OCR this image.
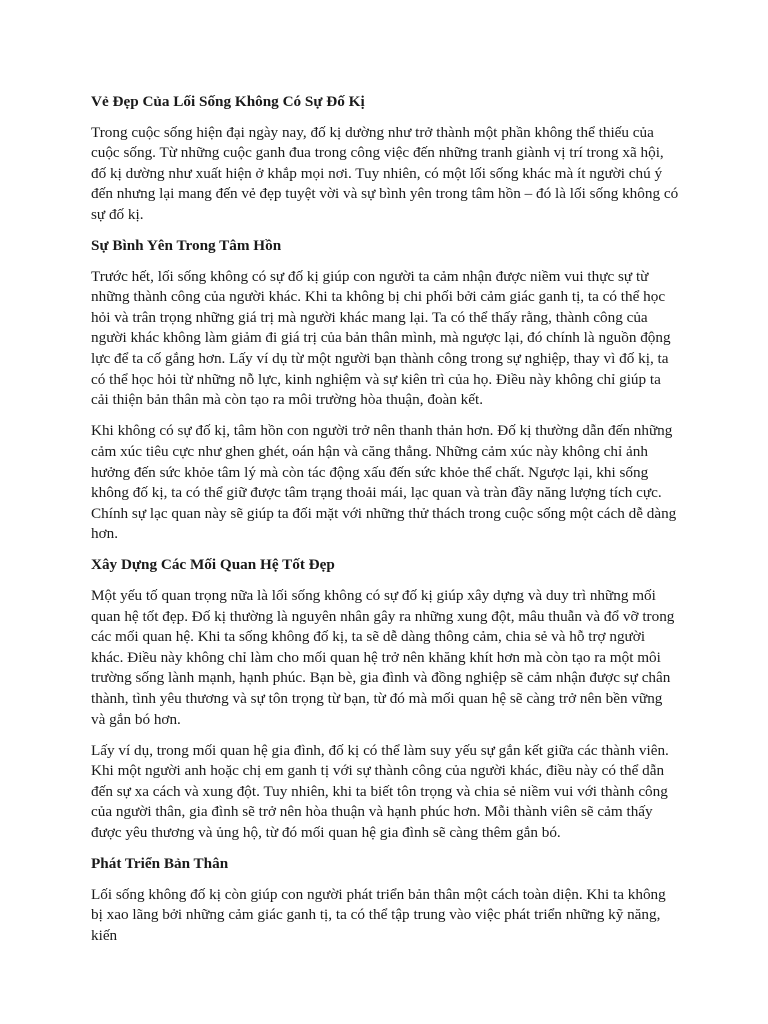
Vẻ Đẹp Của Lối Sống Không Có Sự Đố Kị

Trong cuộc sống hiện đại ngày nay, đố kị dường như trở thành một phần không thể thiếu của cuộc sống. Từ những cuộc ganh đua trong công việc đến những tranh giành vị trí trong xã hội, đố kị dường như xuất hiện ở khắp mọi nơi. Tuy nhiên, có một lối sống khác mà ít người chú ý đến nhưng lại mang đến vẻ đẹp tuyệt vời và sự bình yên trong tâm hồn – đó là lối sống không có sự đố kị.

Sự Bình Yên Trong Tâm Hồn

Trước hết, lối sống không có sự đố kị giúp con người ta cảm nhận được niềm vui thực sự từ những thành công của người khác. Khi ta không bị chi phối bởi cảm giác ganh tị, ta có thể học hỏi và trân trọng những giá trị mà người khác mang lại. Ta có thể thấy rằng, thành công của người khác không làm giảm đi giá trị của bản thân mình, mà ngược lại, đó chính là nguồn động lực để ta cố gắng hơn. Lấy ví dụ từ một người bạn thành công trong sự nghiệp, thay vì đố kị, ta có thể học hỏi từ những nỗ lực, kinh nghiệm và sự kiên trì của họ. Điều này không chỉ giúp ta cải thiện bản thân mà còn tạo ra môi trường hòa thuận, đoàn kết.

Khi không có sự đố kị, tâm hồn con người trở nên thanh thản hơn. Đố kị thường dẫn đến những cảm xúc tiêu cực như ghen ghét, oán hận và căng thẳng. Những cảm xúc này không chỉ ảnh hưởng đến sức khỏe tâm lý mà còn tác động xấu đến sức khỏe thể chất. Ngược lại, khi sống không đố kị, ta có thể giữ được tâm trạng thoải mái, lạc quan và tràn đầy năng lượng tích cực. Chính sự lạc quan này sẽ giúp ta đối mặt với những thử thách trong cuộc sống một cách dễ dàng hơn.

Xây Dựng Các Mối Quan Hệ Tốt Đẹp

Một yếu tố quan trọng nữa là lối sống không có sự đố kị giúp xây dựng và duy trì những mối quan hệ tốt đẹp. Đố kị thường là nguyên nhân gây ra những xung đột, mâu thuẫn và đổ vỡ trong các mối quan hệ. Khi ta sống không đố kị, ta sẽ dễ dàng thông cảm, chia sẻ và hỗ trợ người khác. Điều này không chỉ làm cho mối quan hệ trở nên khăng khít hơn mà còn tạo ra một môi trường sống lành mạnh, hạnh phúc. Bạn bè, gia đình và đồng nghiệp sẽ cảm nhận được sự chân thành, tình yêu thương và sự tôn trọng từ bạn, từ đó mà mối quan hệ sẽ càng trở nên bền vững và gắn bó hơn.

Lấy ví dụ, trong mối quan hệ gia đình, đố kị có thể làm suy yếu sự gắn kết giữa các thành viên. Khi một người anh hoặc chị em ganh tị với sự thành công của người khác, điều này có thể dẫn đến sự xa cách và xung đột. Tuy nhiên, khi ta biết tôn trọng và chia sẻ niềm vui với thành công của người thân, gia đình sẽ trở nên hòa thuận và hạnh phúc hơn. Mỗi thành viên sẽ cảm thấy được yêu thương và ủng hộ, từ đó mối quan hệ gia đình sẽ càng thêm gắn bó.

Phát Triển Bản Thân

Lối sống không đố kị còn giúp con người phát triển bản thân một cách toàn diện. Khi ta không bị xao lãng bởi những cảm giác ganh tị, ta có thể tập trung vào việc phát triển những kỹ năng, kiến
